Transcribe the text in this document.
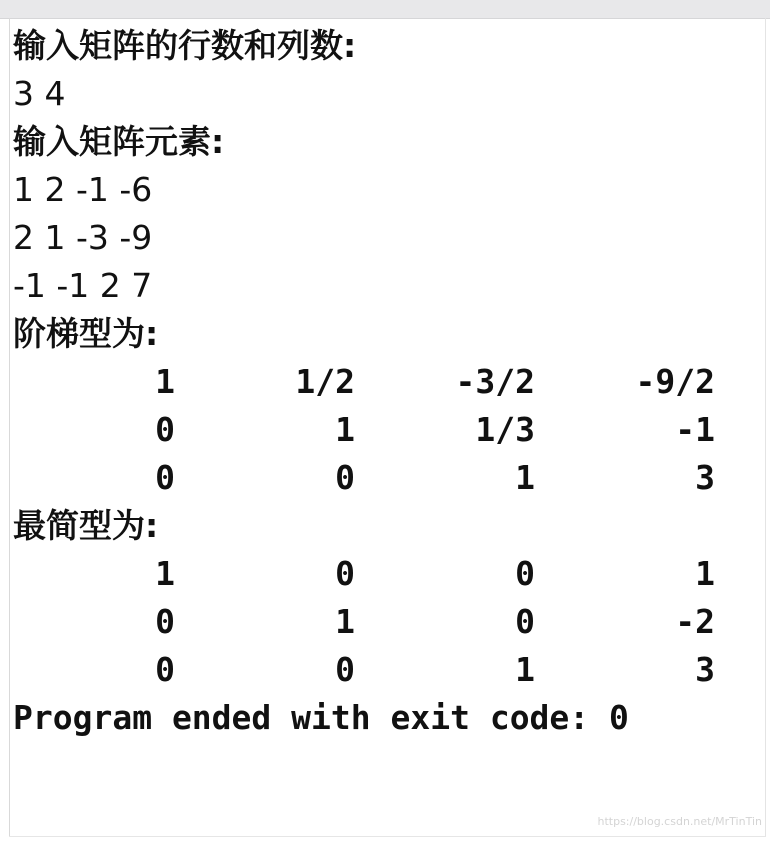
输入矩阵的行数和列数:
3 4
输入矩阵元素:
1 2 -1 -6
2 1 -3 -9
-1 -1 2 7
阶梯型为:
1	1/2	-3/2	-9/2
0	1	1/3	-1
0	0	1	3
最简型为:
1	0	0	1
0	1	0	-2
0	0	1	3
Program ended with exit code: 0
https://blog.csdn.net/MrTinTin
